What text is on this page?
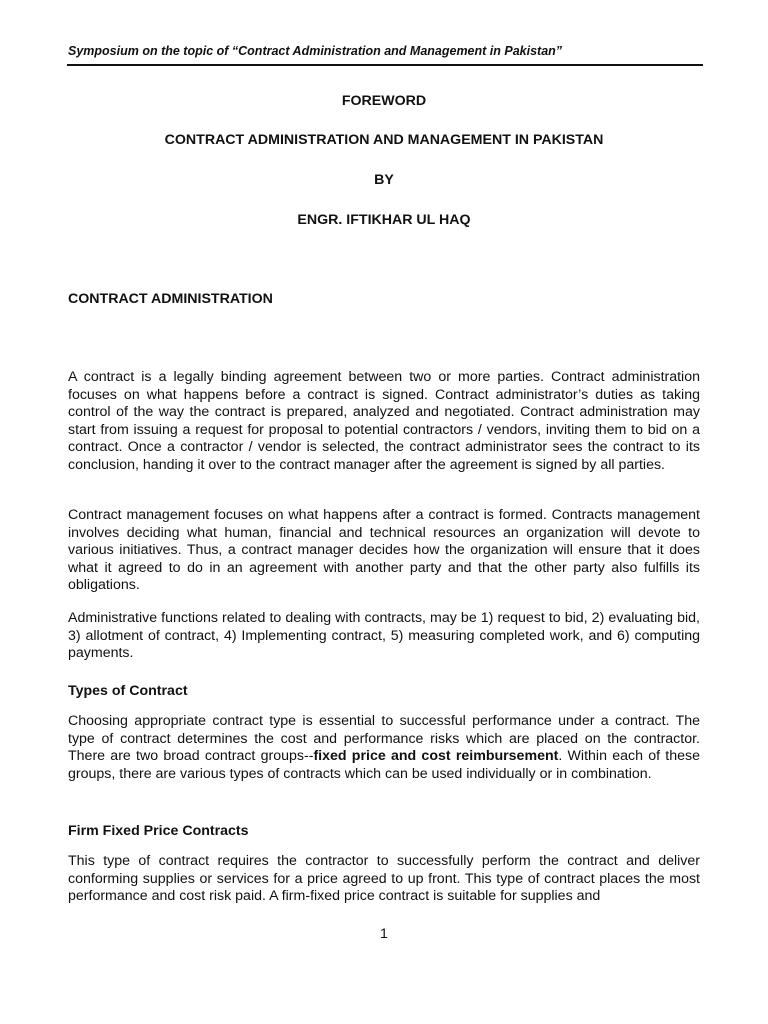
Symposium on the topic of “Contract Administration and Management in Pakistan”
FOREWORD
CONTRACT ADMINISTRATION AND MANAGEMENT IN PAKISTAN
BY
ENGR. IFTIKHAR UL HAQ
CONTRACT ADMINISTRATION

A contract is a legally binding agreement between two or more parties. Contract administration focuses on what happens before a contract is signed. Contract administrator’s duties as taking control of the way the contract is prepared, analyzed and negotiated. Contract administration may start from issuing a request for proposal to potential contractors / vendors, inviting them to bid on a contract. Once a contractor / vendor is selected, the contract administrator sees the contract to its conclusion, handing it over to the contract manager after the agreement is signed by all parties.

Contract management focuses on what happens after a contract is formed. Contracts management involves deciding what human, financial and technical resources an organization will devote to various initiatives. Thus, a contract manager decides how the organization will ensure that it does what it agreed to do in an agreement with another party and that the other party also fulfills its obligations.

Administrative functions related to dealing with contracts, may be 1) request to bid, 2) evaluating bid, 3) allotment of contract, 4) Implementing contract, 5) measuring completed work, and 6) computing payments.

Types of Contract

Choosing appropriate contract type is essential to successful performance under a contract. The type of contract determines the cost and performance risks which are placed on the contractor. There are two broad contract groups--fixed price and cost reimbursement. Within each of these groups, there are various types of contracts which can be used individually or in combination.

Firm Fixed Price Contracts

This type of contract requires the contractor to successfully perform the contract and deliver conforming supplies or services for a price agreed to up front. This type of contract places the most performance and cost risk paid. A firm-fixed price contract is suitable for supplies and

1
